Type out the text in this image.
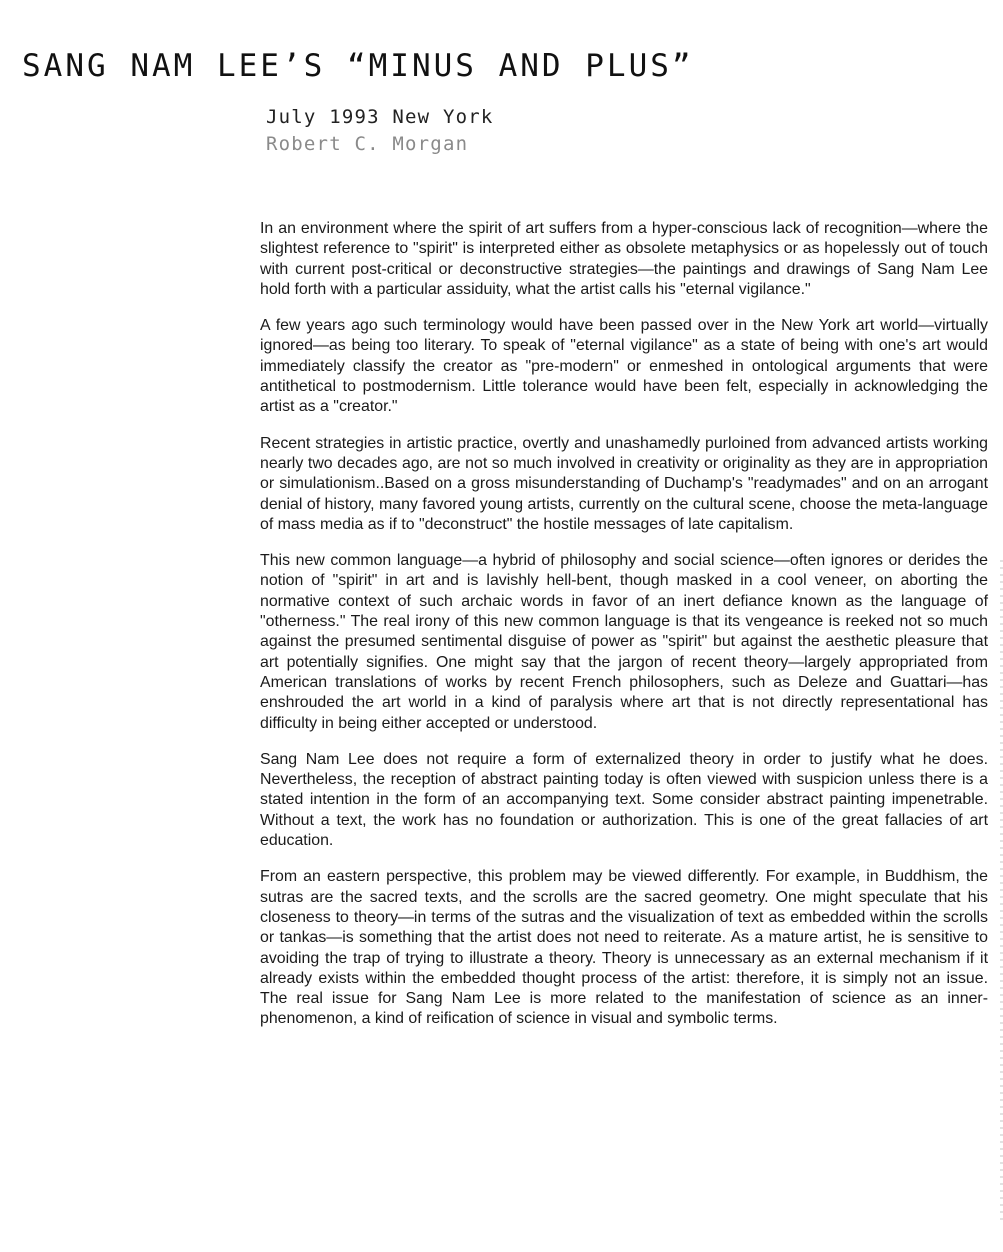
SANG NAM LEE’S “MINUS AND PLUS”
July 1993 New York
Robert C. Morgan

In an environment where the spirit of art suffers from a hyper-conscious lack of recognition—where the slightest reference to "spirit" is interpreted either as obsolete metaphysics or as hopelessly out of touch with current post-critical or deconstructive strategies—the paintings and drawings of Sang Nam Lee hold forth with a particular assiduity, what the artist calls his "eternal vigilance."

A few years ago such terminology would have been passed over in the New York art world—virtually ignored—as being too literary. To speak of "eternal vigilance" as a state of being with one's art would immediately classify the creator as "pre-modern" or enmeshed in ontological arguments that were antithetical to postmodernism. Little tolerance would have been felt, especially in acknowledging the artist as a "creator."

Recent strategies in artistic practice, overtly and unashamedly purloined from advanced artists working nearly two decades ago, are not so much involved in creativity or originality as they are in appropriation or simulationism..Based on a gross misunderstanding of Duchamp's "readymades" and on an arrogant denial of history, many favored young artists, currently on the cultural scene, choose the meta-language of mass media as if to "deconstruct" the hostile messages of late capitalism.

This new common language—a hybrid of philosophy and social science—often ignores or derides the notion of "spirit" in art and is lavishly hell-bent, though masked in a cool veneer, on aborting the normative context of such archaic words in favor of an inert defiance known as the language of "otherness." The real irony of this new common language is that its vengeance is reeked not so much against the presumed sentimental disguise of power as "spirit" but against the aesthetic pleasure that art potentially signifies. One might say that the jargon of recent theory—largely appropriated from American translations of works by recent French philosophers, such as Deleze and Guattari—has enshrouded the art world in a kind of paralysis where art that is not directly representational has difficulty in being either accepted or understood.

Sang Nam Lee does not require a form of externalized theory in order to justify what he does. Nevertheless, the reception of abstract painting today is often viewed with suspicion unless there is a stated intention in the form of an accompanying text. Some consider abstract painting impenetrable. Without a text, the work has no foundation or authorization. This is one of the great fallacies of art education.

From an eastern perspective, this problem may be viewed differently. For example, in Buddhism, the sutras are the sacred texts, and the scrolls are the sacred geometry. One might speculate that his closeness to theory—in terms of the sutras and the visualization of text as embedded within the scrolls or tankas—is something that the artist does not need to reiterate. As a mature artist, he is sensitive to avoiding the trap of trying to illustrate a theory. Theory is unnecessary as an external mechanism if it already exists within the embedded thought process of the artist: therefore, it is simply not an issue. The real issue for Sang Nam Lee is more related to the manifestation of science as an inner-phenomenon, a kind of reification of science in visual and symbolic terms.
